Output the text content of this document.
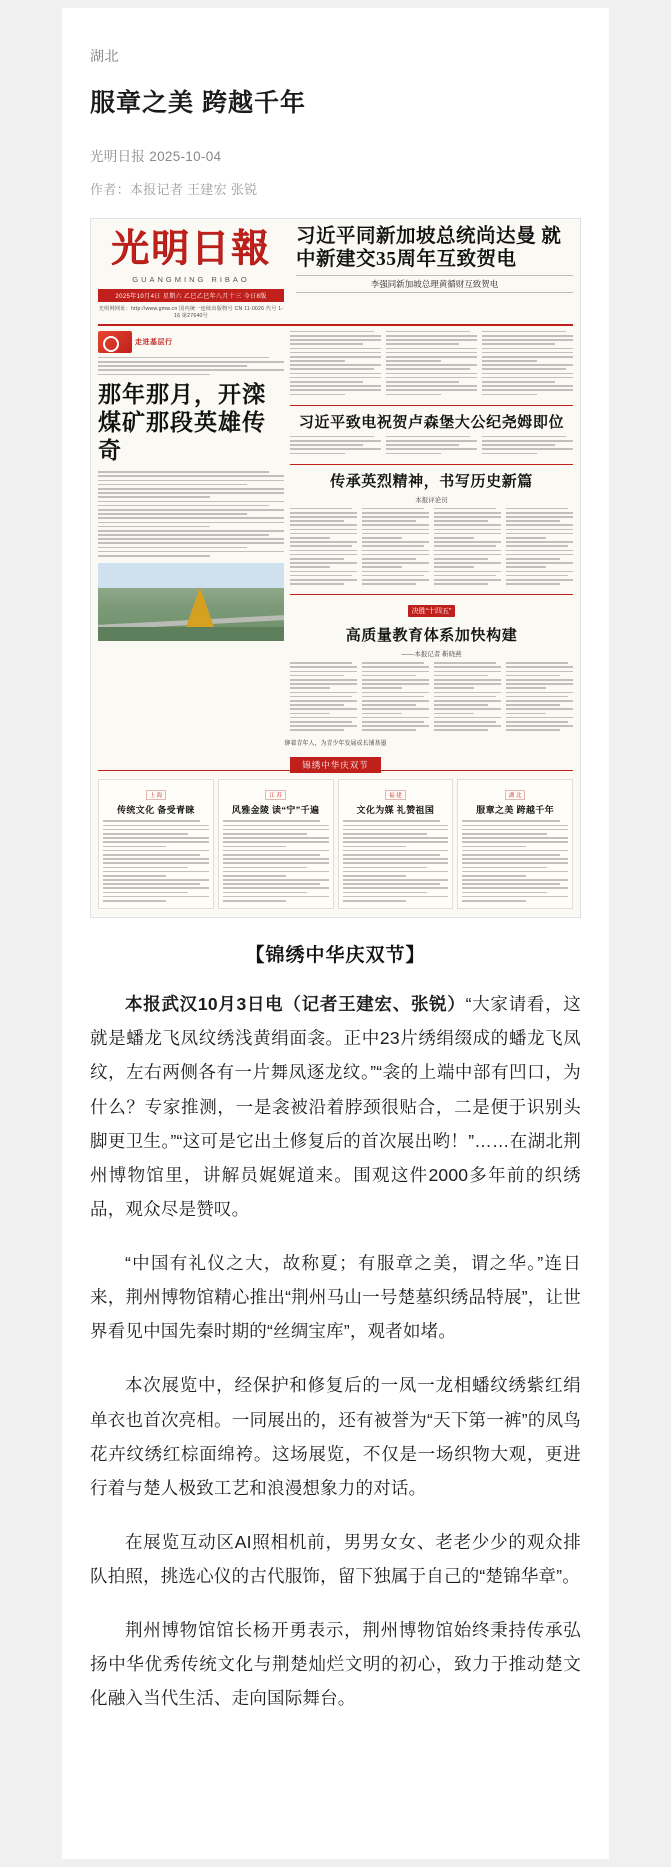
湖北
服章之美 跨越千年
光明日报 2025-10-04
作者：本报记者 王建宏 张锐
光明日報
GUANGMING RIBAO
2025年10月4日 星期六 乙巳乙巳年八月十三 今日8版
光明网网址：http://www.gmw.cn 国内统一连续出版物号 CN 11-0026 代号 1-16 第27640号
习近平同新加坡总统尚达曼 就中新建交35周年互致贺电
李强同新加坡总理黄循财互致贺电
走进基层行
那年那月，开滦煤矿那段英雄传奇
习近平致电祝贺卢森堡大公纪尧姆即位
传承英烈精神，书写历史新篇
本报评论员
决胜“十四五”
高质量教育体系加快构建
——本报记者 靳晓燕
铆着青年人，为青少年发展成长铺基墨
锦绣中华庆双节
上 海
传统文化 备受青睐
江 苏
风雅金陵 读“宁”千遍
福 建
文化为媒 礼赞祖国
湖 北
服章之美 跨越千年
【锦绣中华庆双节】

本报武汉10月3日电（记者王建宏、张锐）“大家请看，这就是蟠龙飞凤纹绣浅黄绢面衾。正中23片绣绢缀成的蟠龙飞凤纹，左右两侧各有一片舞凤逐龙纹。”“衾的上端中部有凹口，为什么？专家推测，一是衾被沿着脖颈很贴合，二是便于识别头脚更卫生。”“这可是它出土修复后的首次展出哟！”……在湖北荆州博物馆里，讲解员娓娓道来。围观这件2000多年前的织绣品，观众尽是赞叹。

“中国有礼仪之大，故称夏；有服章之美，谓之华。”连日来，荆州博物馆精心推出“荆州马山一号楚墓织绣品特展”，让世界看见中国先秦时期的“丝绸宝库”，观者如堵。

本次展览中，经保护和修复后的一凤一龙相蟠纹绣紫红绢单衣也首次亮相。一同展出的，还有被誉为“天下第一裤”的凤鸟花卉纹绣红棕面绵袴。这场展览，不仅是一场织物大观，更进行着与楚人极致工艺和浪漫想象力的对话。

在展览互动区AI照相机前，男男女女、老老少少的观众排队拍照，挑选心仪的古代服饰，留下独属于自己的“楚锦华章”。

荆州博物馆馆长杨开勇表示，荆州博物馆始终秉持传承弘扬中华优秀传统文化与荆楚灿烂文明的初心，致力于推动楚文化融入当代生活、走向国际舞台。
